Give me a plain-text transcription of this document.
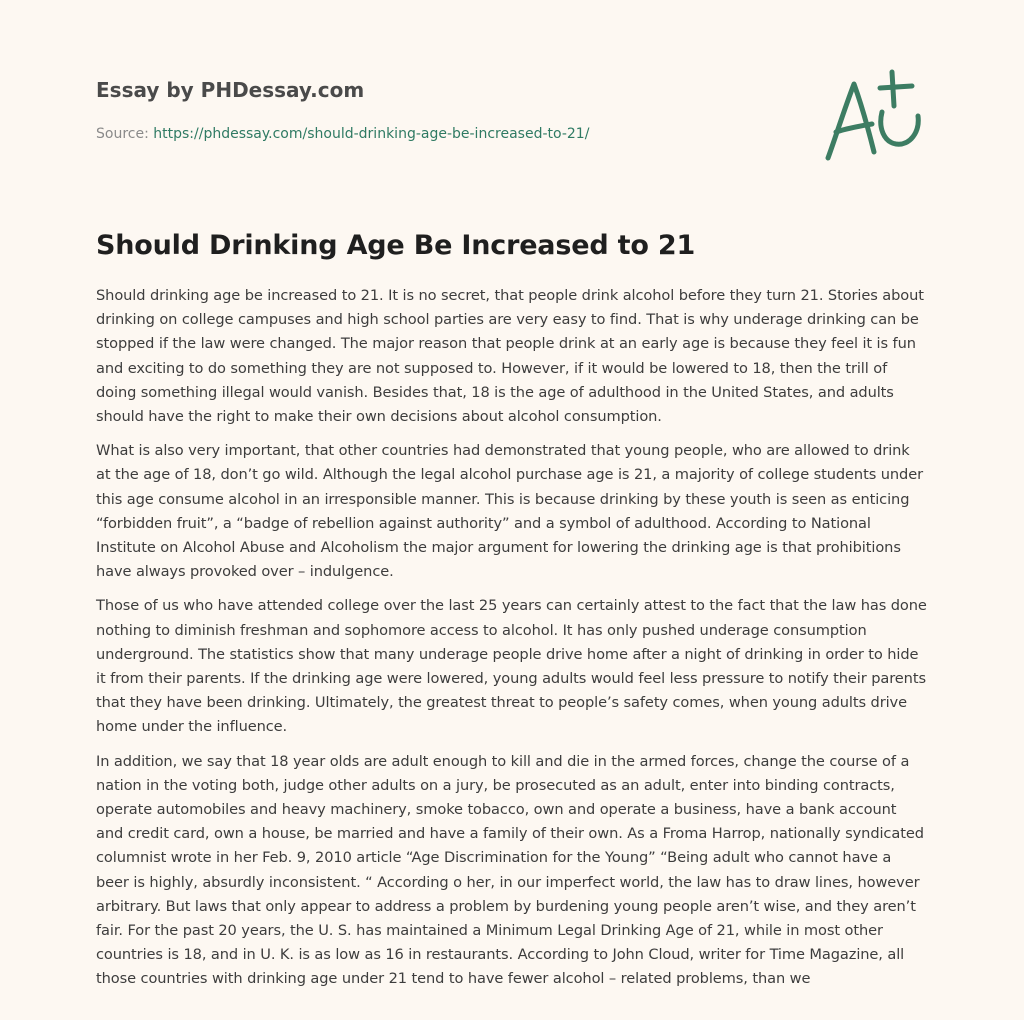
Essay by PHDessay.com
Source: https://phdessay.com/should-drinking-age-be-increased-to-21/
Should Drinking Age Be Increased to 21

Should drinking age be increased to 21. It is no secret, that people drink alcohol before they turn 21. Stories about drinking on college campuses and high school parties are very easy to find. That is why underage drinking can be stopped if the law were changed. The major reason that people drink at an early age is because they feel it is fun and exciting to do something they are not supposed to. However, if it would be lowered to 18, then the trill of doing something illegal would vanish. Besides that, 18 is the age of adulthood in the United States, and adults should have the right to make their own decisions about alcohol consumption.

What is also very important, that other countries had demonstrated that young people, who are allowed to drink at the age of 18, don’t go wild. Although the legal alcohol purchase age is 21, a majority of college students under this age consume alcohol in an irresponsible manner. This is because drinking by these youth is seen as enticing “forbidden fruit”, a “badge of rebellion against authority” and a symbol of adulthood. According to National Institute on Alcohol Abuse and Alcoholism the major argument for lowering the drinking age is that prohibitions have always provoked over – indulgence.

Those of us who have attended college over the last 25 years can certainly attest to the fact that the law has done nothing to diminish freshman and sophomore access to alcohol. It has only pushed underage consumption underground. The statistics show that many underage people drive home after a night of drinking in order to hide it from their parents. If the drinking age were lowered, young adults would feel less pressure to notify their parents that they have been drinking. Ultimately, the greatest threat to people’s safety comes, when young adults drive home under the influence.

In addition, we say that 18 year olds are adult enough to kill and die in the armed forces, change the course of a nation in the voting both, judge other adults on a jury, be prosecuted as an adult, enter into binding contracts, operate automobiles and heavy machinery, smoke tobacco, own and operate a business, have a bank account and credit card, own a house, be married and have a family of their own. As a Froma Harrop, nationally syndicated columnist wrote in her Feb. 9, 2010 article “Age Discrimination for the Young” “Being adult who cannot have a beer is highly, absurdly inconsistent. “ According o her, in our imperfect world, the law has to draw lines, however arbitrary. But laws that only appear to address a problem by burdening young people aren’t wise, and they aren’t fair. For the past 20 years, the U. S. has maintained a Minimum Legal Drinking Age of 21, while in most other countries is 18, and in U. K. is as low as 16 in restaurants. According to John Cloud, writer for Time Magazine, all those countries with drinking age under 21 tend to have fewer alcohol – related problems, than we
